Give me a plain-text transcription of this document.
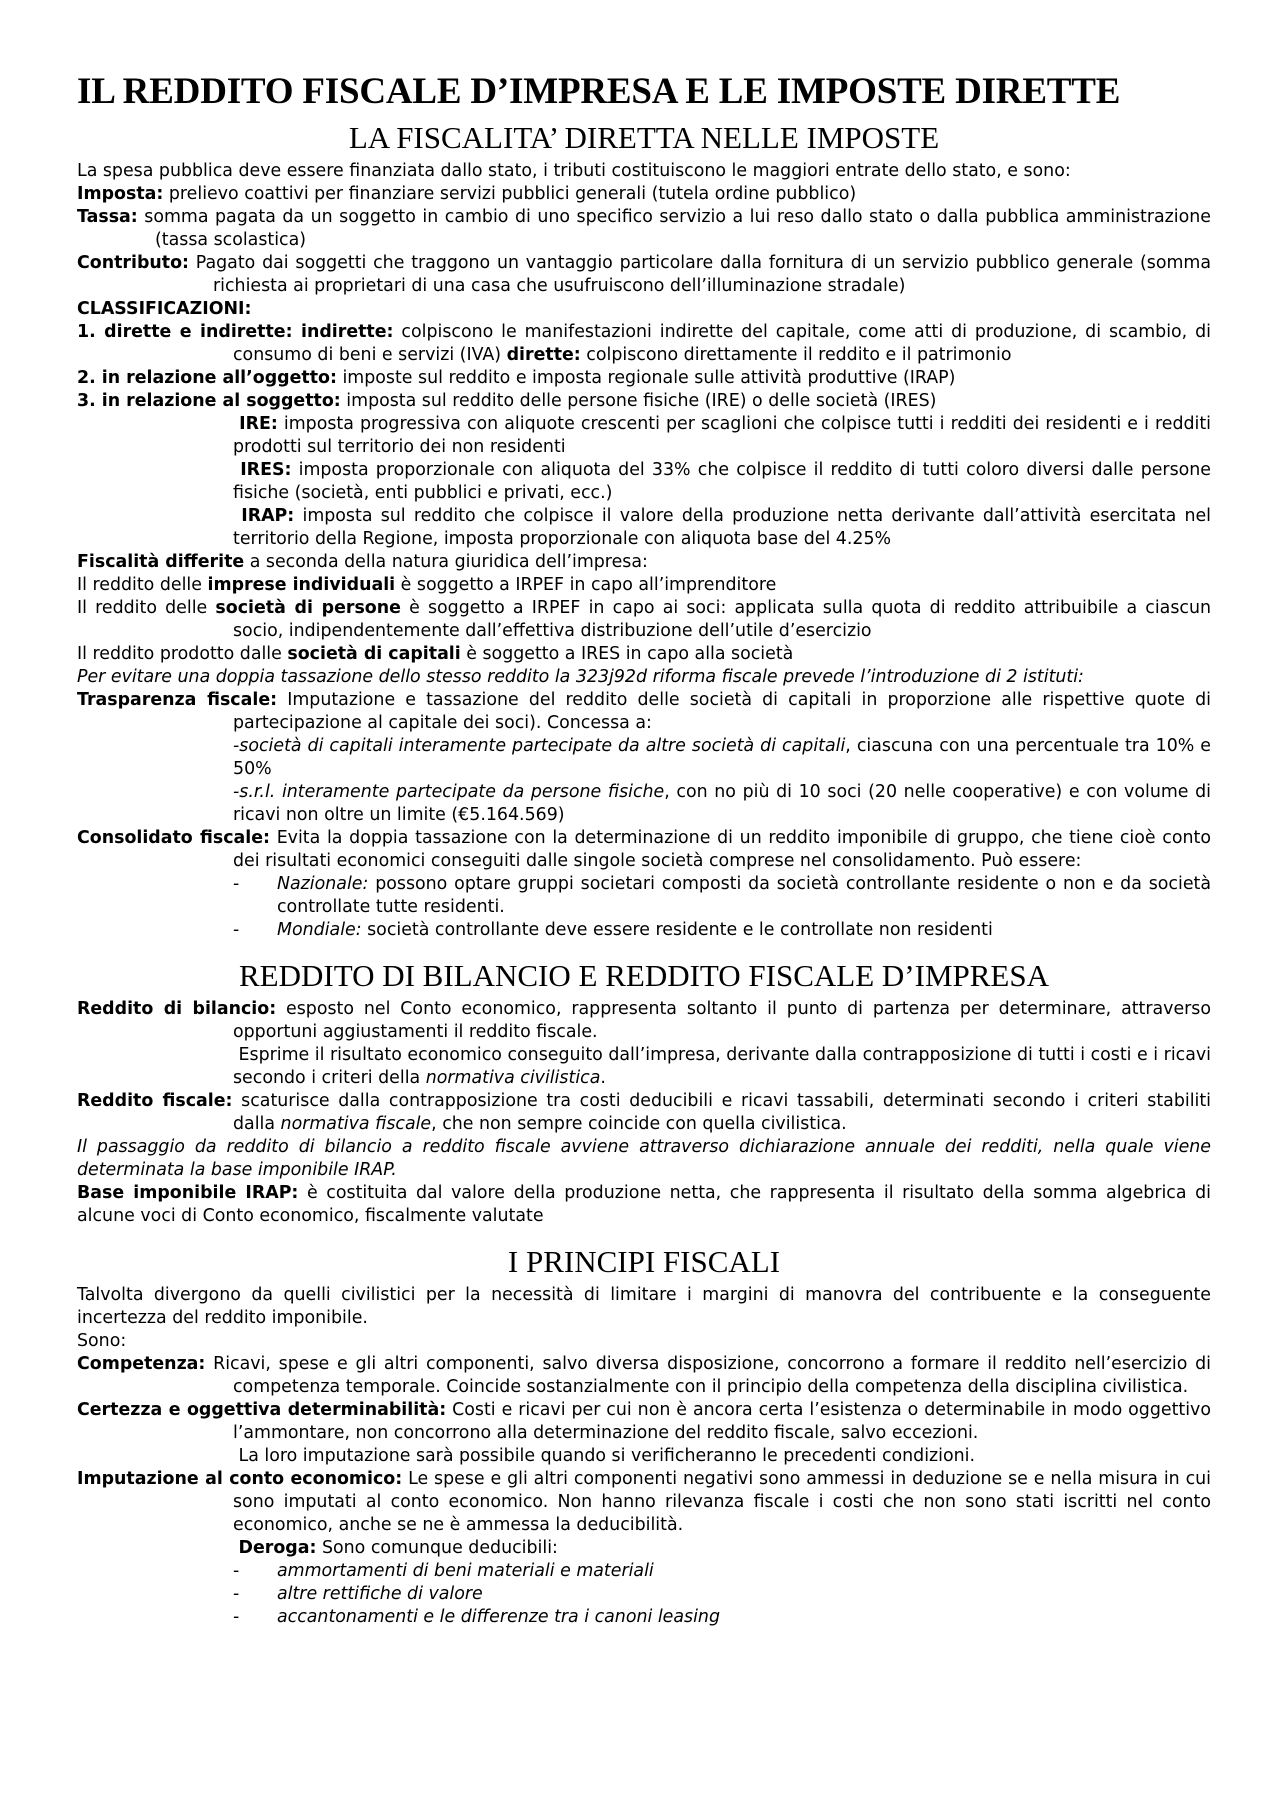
IL REDDITO FISCALE D’IMPRESA E LE IMPOSTE DIRETTE
LA FISCALITA’ DIRETTA NELLE IMPOSTE

La spesa pubblica deve essere finanziata dallo stato, i tributi costituiscono le maggiori entrate dello stato, e sono:

Imposta: prelievo coattivi per finanziare servizi pubblici generali (tutela ordine pubblico)

Tassa: somma pagata da un soggetto in cambio di uno specifico servizio a lui reso dallo stato o dalla pubblica amministrazione (tassa scolastica)

Contributo: Pagato dai soggetti che traggono un vantaggio particolare dalla fornitura di un servizio pubblico generale (somma richiesta ai proprietari di una casa che usufruiscono dell’illuminazione stradale)

CLASSIFICAZIONI:

1. dirette e indirette: indirette: colpiscono le manifestazioni indirette del capitale, come atti di produzione, di scambio, di consumo di beni e servizi (IVA) dirette: colpiscono direttamente il reddito e il patrimonio

2. in relazione all’oggetto: imposte sul reddito e imposta regionale sulle attività produttive (IRAP)

3. in relazione al soggetto: imposta sul reddito delle persone fisiche (IRE) o delle società (IRES)

IRE: imposta progressiva con aliquote crescenti per scaglioni che colpisce tutti i redditi dei residenti e i redditi prodotti sul territorio dei non residenti

IRES: imposta proporzionale con aliquota del 33% che colpisce il reddito di tutti coloro diversi dalle persone fisiche (società, enti pubblici e privati, ecc.)

IRAP: imposta sul reddito che colpisce il valore della produzione netta derivante dall’attività esercitata nel territorio della Regione, imposta proporzionale con aliquota base del 4.25%

Fiscalità differite a seconda della natura giuridica dell’impresa:

Il reddito delle imprese individuali è soggetto a IRPEF in capo all’imprenditore

Il reddito delle società di persone è soggetto a IRPEF in capo ai soci: applicata sulla quota di reddito attribuibile a ciascun socio, indipendentemente dall’effettiva distribuzione dell’utile d’esercizio

Il reddito prodotto dalle società di capitali è soggetto a IRES in capo alla società

Per evitare una doppia tassazione dello stesso reddito la 323j92d riforma fiscale prevede l’introduzione di 2 istituti:

Trasparenza fiscale: Imputazione e tassazione del reddito delle società di capitali in proporzione alle rispettive quote di partecipazione al capitale dei soci). Concessa a:

-società di capitali interamente partecipate da altre società di capitali, ciascuna con una percentuale tra 10% e 50%

-s.r.l. interamente partecipate da persone fisiche, con no più di 10 soci (20 nelle cooperative) e con volume di ricavi non oltre un limite (€5.164.569)

Consolidato fiscale: Evita la doppia tassazione con la determinazione di un reddito imponibile di gruppo, che tiene cioè conto dei risultati economici conseguiti dalle singole società comprese nel consolidamento. Può essere:

- Nazionale: possono optare gruppi societari composti da società controllante residente o non e da società controllate tutte residenti.

- Mondiale: società controllante deve essere residente e le controllate non residenti

REDDITO DI BILANCIO E REDDITO FISCALE D’IMPRESA

Reddito di bilancio: esposto nel Conto economico, rappresenta soltanto il punto di partenza per determinare, attraverso opportuni aggiustamenti il reddito fiscale.

Esprime il risultato economico conseguito dall’impresa, derivante dalla contrapposizione di tutti i costi e i ricavi secondo i criteri della normativa civilistica.

Reddito fiscale: scaturisce dalla contrapposizione tra costi deducibili e ricavi tassabili, determinati secondo i criteri stabiliti dalla normativa fiscale, che non sempre coincide con quella civilistica.

Il passaggio da reddito di bilancio a reddito fiscale avviene attraverso dichiarazione annuale dei redditi, nella quale viene determinata la base imponibile IRAP.

Base imponibile IRAP: è costituita dal valore della produzione netta, che rappresenta il risultato della somma algebrica di alcune voci di Conto economico, fiscalmente valutate

I PRINCIPI FISCALI

Talvolta divergono da quelli civilistici per la necessità di limitare i margini di manovra del contribuente e la conseguente incertezza del reddito imponibile.

Sono:

Competenza: Ricavi, spese e gli altri componenti, salvo diversa disposizione, concorrono a formare il reddito nell’esercizio di competenza temporale. Coincide sostanzialmente con il principio della competenza della disciplina civilistica.

Certezza e oggettiva determinabilità: Costi e ricavi per cui non è ancora certa l’esistenza o determinabile in modo oggettivo l’ammontare, non concorrono alla determinazione del reddito fiscale, salvo eccezioni.

La loro imputazione sarà possibile quando si verificheranno le precedenti condizioni.

Imputazione al conto economico: Le spese e gli altri componenti negativi sono ammessi in deduzione se e nella misura in cui sono imputati al conto economico. Non hanno rilevanza fiscale i costi che non sono stati iscritti nel conto economico, anche se ne è ammessa la deducibilità.

Deroga: Sono comunque deducibili:

- ammortamenti di beni materiali e materiali

- altre rettifiche di valore

- accantonamenti e le differenze tra i canoni leasing
